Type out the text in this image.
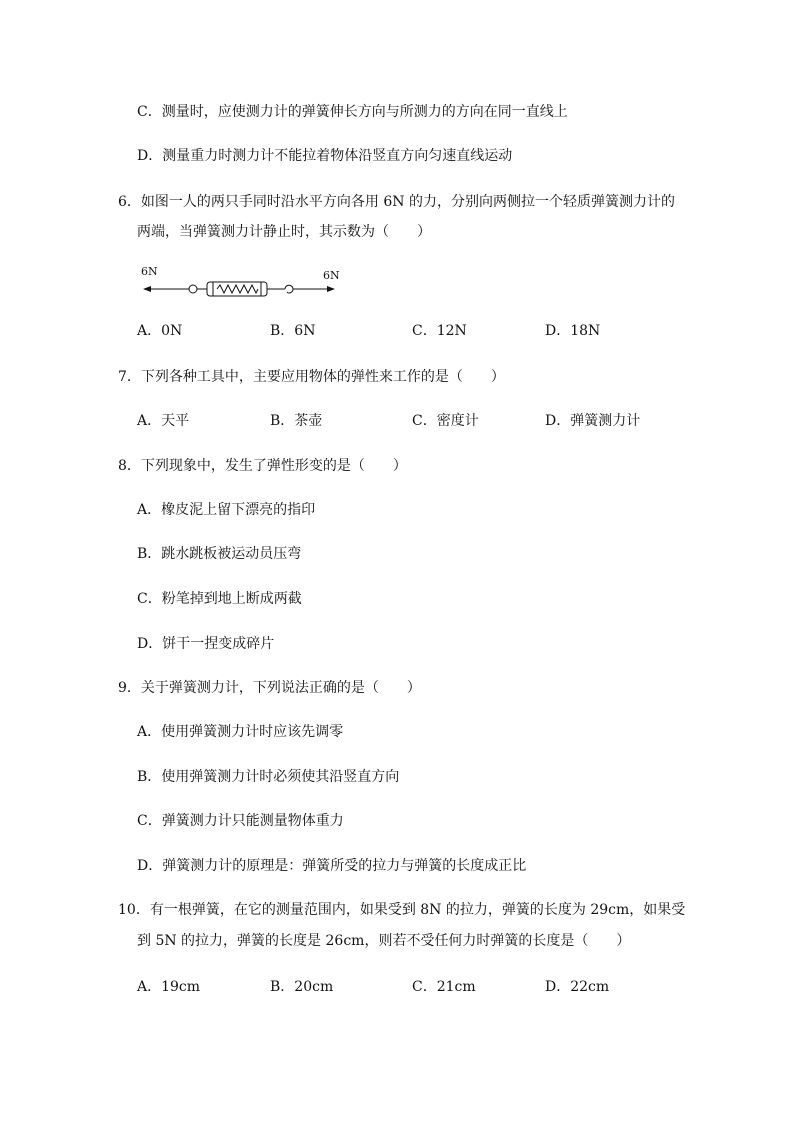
C．测量时，应使测力计的弹簧伸长方向与所测力的方向在同一直线上
D．测量重力时测力计不能拉着物体沿竖直方向匀速直线运动
6．如图一人的两只手同时沿水平方向各用 6N 的力，分别向两侧拉一个轻质弹簧测力计的
两端，当弹簧测力计静止时，其示数为（　　）
6N	6N
A．0N	B．6N	C．12N	D．18N
7．下列各种工具中，主要应用物体的弹性来工作的是（　　）
A．天平	B．茶壶	C．密度计	D．弹簧测力计
8．下列现象中，发生了弹性形变的是（　　）
A．橡皮泥上留下漂亮的指印
B．跳水跳板被运动员压弯
C．粉笔掉到地上断成两截
D．饼干一捏变成碎片
9．关于弹簧测力计，下列说法正确的是（　　）
A．使用弹簧测力计时应该先调零
B．使用弹簧测力计时必须使其沿竖直方向
C．弹簧测力计只能测量物体重力
D．弹簧测力计的原理是：弹簧所受的拉力与弹簧的长度成正比
10．有一根弹簧，在它的测量范围内，如果受到 8N 的拉力，弹簧的长度为 29cm，如果受
到 5N 的拉力，弹簧的长度是 26cm，则若不受任何力时弹簧的长度是（　　）
A．19cm	B．20cm	C．21cm	D．22cm
